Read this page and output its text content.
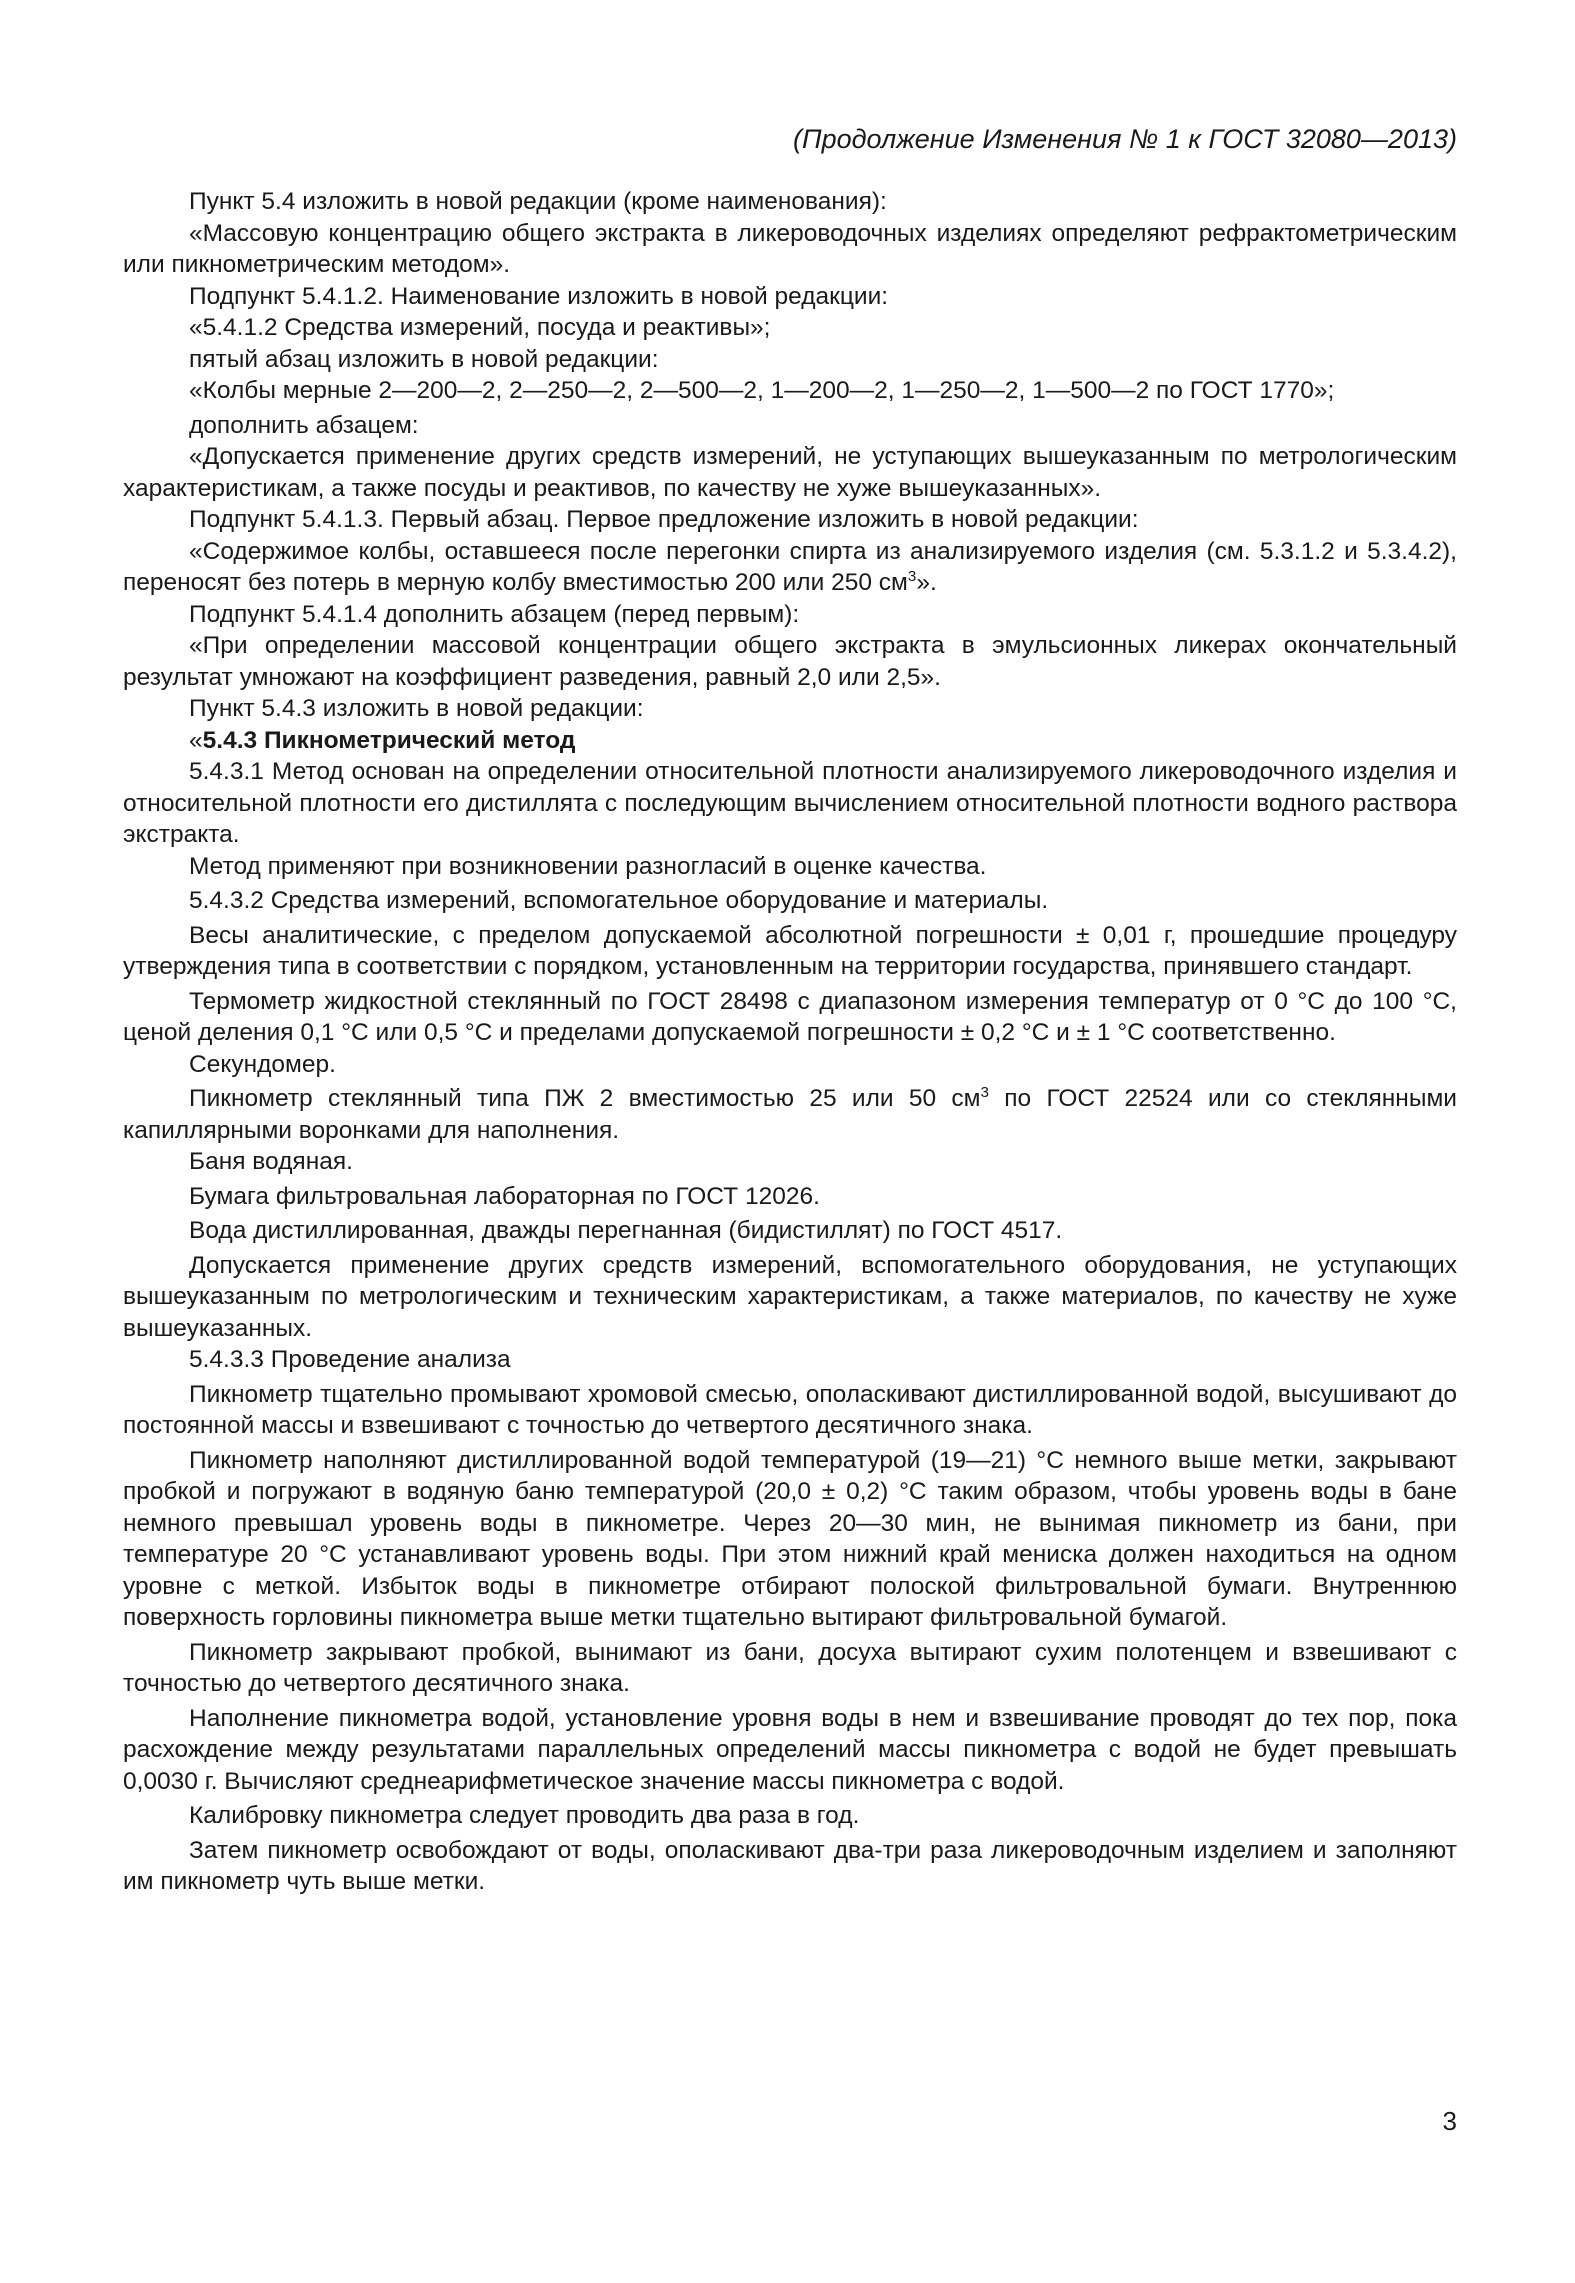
(Продолжение Изменения № 1 к ГОСТ 32080—2013)

Пункт 5.4 изложить в новой редакции (кроме наименования):

«Массовую концентрацию общего экстракта в ликероводочных изделиях определяют рефрактометрическим или пикнометрическим методом».

Подпункт 5.4.1.2. Наименование изложить в новой редакции:

«5.4.1.2 Средства измерений, посуда и реактивы»;

пятый абзац изложить в новой редакции:

«Колбы мерные 2—200—2, 2—250—2, 2—500—2, 1—200—2, 1—250—2, 1—500—2 по ГОСТ 1770»;

дополнить абзацем:

«Допускается применение других средств измерений, не уступающих вышеуказанным по метрологическим характеристикам, а также посуды и реактивов, по качеству не хуже вышеуказанных».

Подпункт 5.4.1.3. Первый абзац. Первое предложение изложить в новой редакции:

«Содержимое колбы, оставшееся после перегонки спирта из анализируемого изделия (см. 5.3.1.2 и 5.3.4.2), переносят без потерь в мерную колбу вместимостью 200 или 250 $см^3$».

Подпункт 5.4.1.4 дополнить абзацем (перед первым):

«При определении массовой концентрации общего экстракта в эмульсионных ликерах окончательный результат умножают на коэффициент разведения, равный 2,0 или 2,5».

Пункт 5.4.3 изложить в новой редакции:

«5.4.3 Пикнометрический метод

5.4.3.1 Метод основан на определении относительной плотности анализируемого ликероводочного изделия и относительной плотности его дистиллята с последующим вычислением относительной плотности водного раствора экстракта.

Метод применяют при возникновении разногласий в оценке качества.

5.4.3.2 Средства измерений, вспомогательное оборудование и материалы.

Весы аналитические, с пределом допускаемой абсолютной погрешности ± 0,01 г, прошедшие процедуру утверждения типа в соответствии с порядком, установленным на территории государства, принявшего стандарт.

Термометр жидкостной стеклянный по ГОСТ 28498 с диапазоном измерения температур от 0 °С до 100 °С, ценой деления 0,1 °С или 0,5 °С и пределами допускаемой погрешности ± 0,2 °С и ± 1 °С соответственно.

Секундомер.

Пикнометр стеклянный типа ПЖ 2 вместимостью 25 или 50 $см^3$ по ГОСТ 22524 или со стеклянными капиллярными воронками для наполнения.

Баня водяная.

Бумага фильтровальная лабораторная по ГОСТ 12026.

Вода дистиллированная, дважды перегнанная (бидистиллят) по ГОСТ 4517.

Допускается применение других средств измерений, вспомогательного оборудования, не уступающих вышеуказанным по метрологическим и техническим характеристикам, а также материалов, по качеству не хуже вышеуказанных.

5.4.3.3 Проведение анализа

Пикнометр тщательно промывают хромовой смесью, ополаскивают дистиллированной водой, высушивают до постоянной массы и взвешивают с точностью до четвертого десятичного знака.

Пикнометр наполняют дистиллированной водой температурой (19—21) °С немного выше метки, закрывают пробкой и погружают в водяную баню температурой (20,0 ± 0,2) °С таким образом, чтобы уровень воды в бане немного превышал уровень воды в пикнометре. Через 20—30 мин, не вынимая пикнометр из бани, при температуре 20 °С устанавливают уровень воды. При этом нижний край мениска должен находиться на одном уровне с меткой. Избыток воды в пикнометре отбирают полоской фильтровальной бумаги. Внутреннюю поверхность горловины пикнометра выше метки тщательно вытирают фильтровальной бумагой.

Пикнометр закрывают пробкой, вынимают из бани, досуха вытирают сухим полотенцем и взвешивают с точностью до четвертого десятичного знака.

Наполнение пикнометра водой, установление уровня воды в нем и взвешивание проводят до тех пор, пока расхождение между результатами параллельных определений массы пикнометра с водой не будет превышать 0,0030 г. Вычисляют среднеарифметическое значение массы пикнометра с водой.

Калибровку пикнометра следует проводить два раза в год.

Затем пикнометр освобождают от воды, ополаскивают два-три раза ликероводочным изделием и заполняют им пикнометр чуть выше метки.

3
